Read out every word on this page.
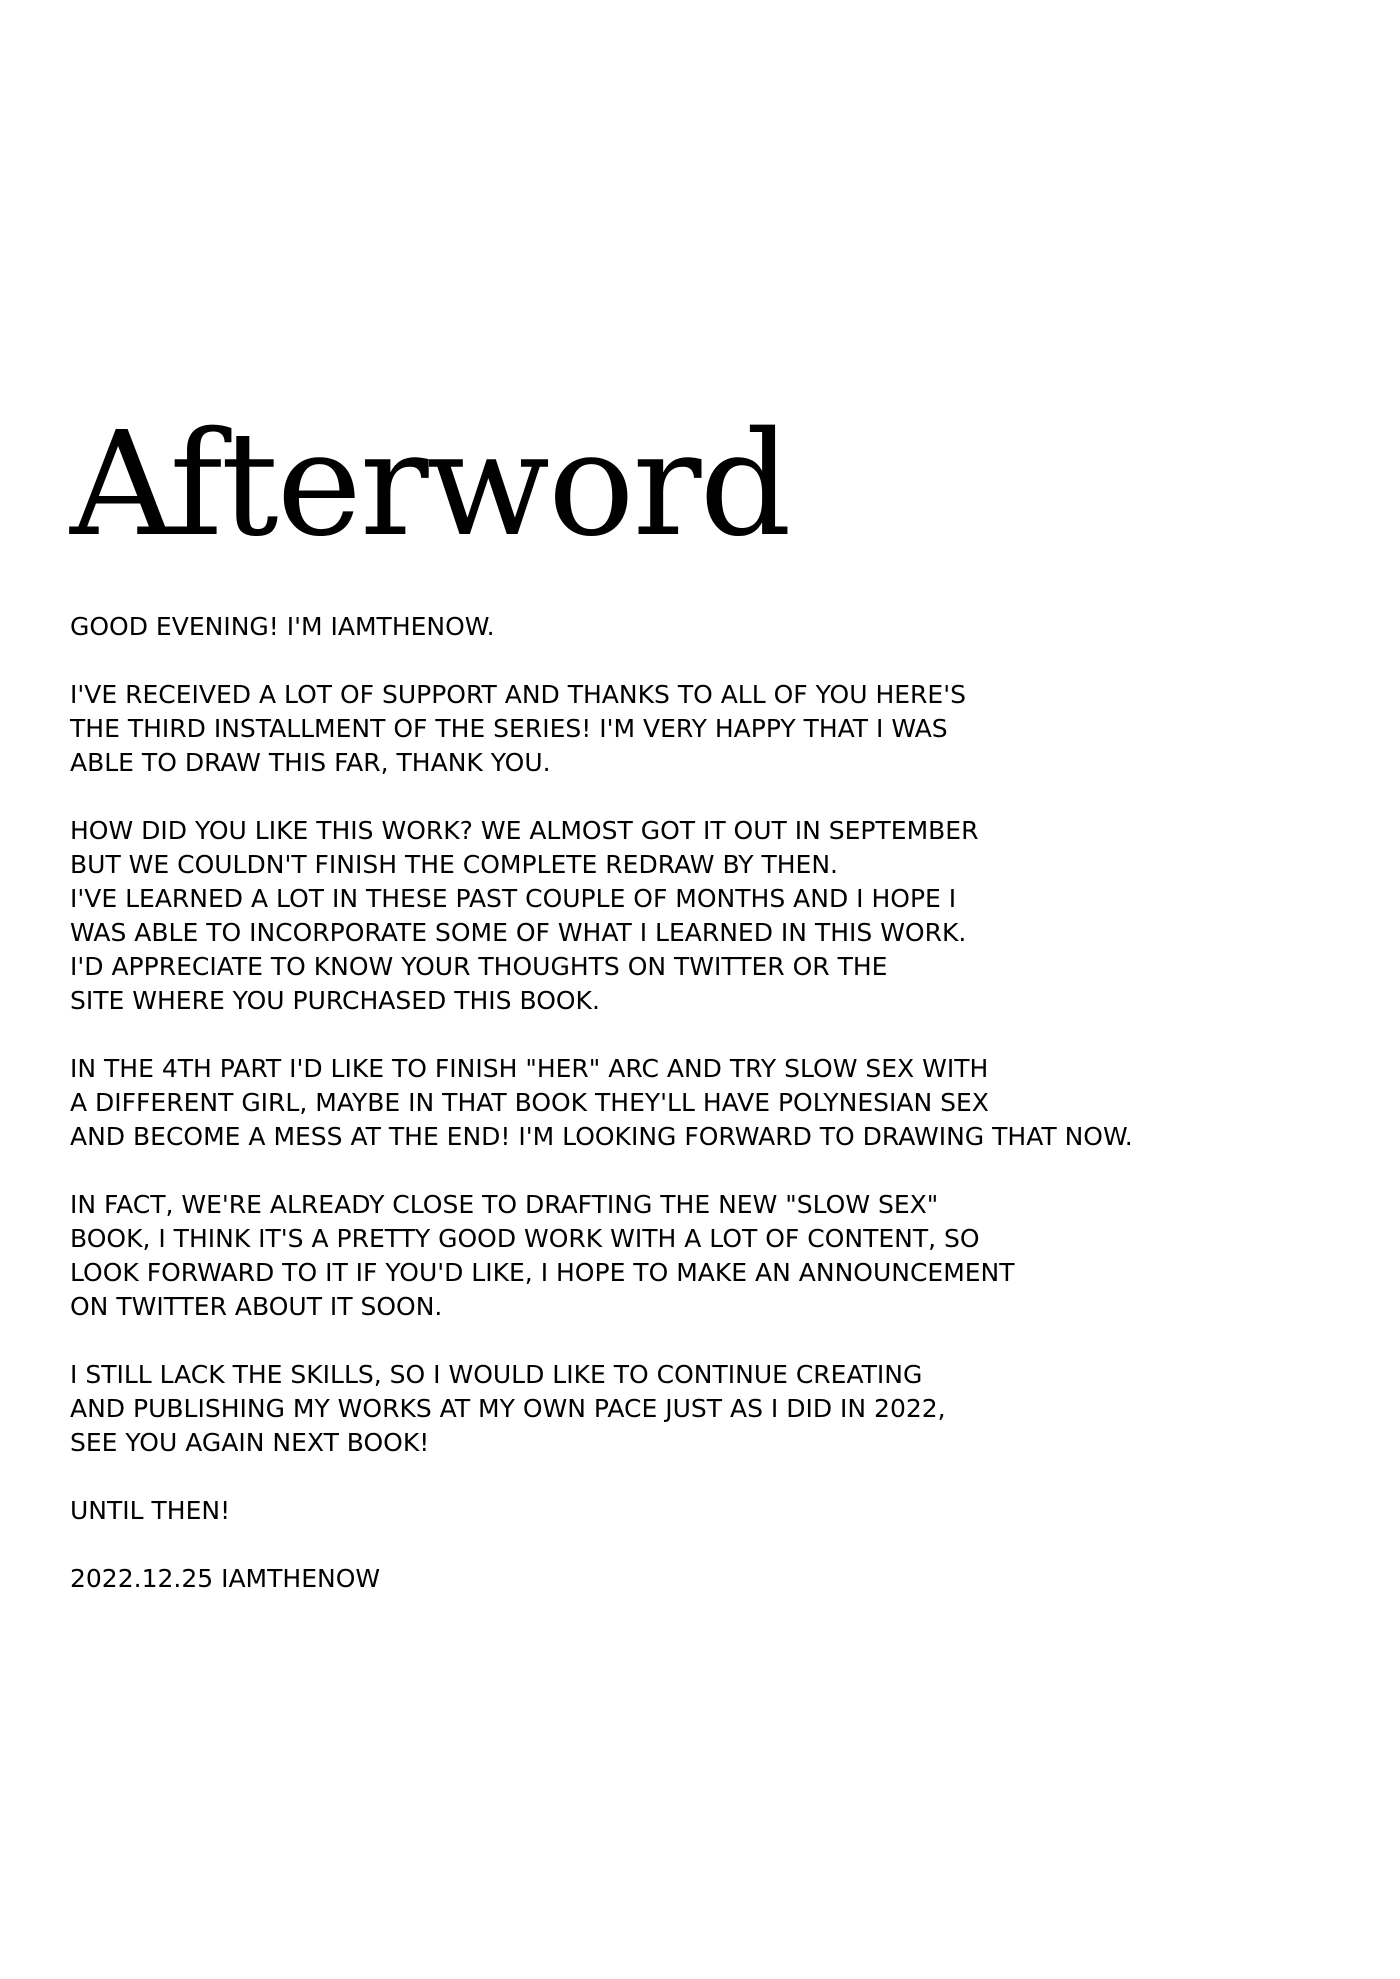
Afterword
GOOD EVENING! I'M IAMTHENOW.
I'VE RECEIVED A LOT OF SUPPORT AND THANKS TO ALL OF YOU HERE'S
THE THIRD INSTALLMENT OF THE SERIES! I'M VERY HAPPY THAT I WAS
ABLE TO DRAW THIS FAR, THANK YOU.
HOW DID YOU LIKE THIS WORK? WE ALMOST GOT IT OUT IN SEPTEMBER
BUT WE COULDN'T FINISH THE COMPLETE REDRAW BY THEN.
I'VE LEARNED A LOT IN THESE PAST COUPLE OF MONTHS AND I HOPE I
WAS ABLE TO INCORPORATE SOME OF WHAT I LEARNED IN THIS WORK.
I'D APPRECIATE TO KNOW YOUR THOUGHTS ON TWITTER OR THE
SITE WHERE YOU PURCHASED THIS BOOK.
IN THE 4TH PART I'D LIKE TO FINISH "HER" ARC AND TRY SLOW SEX WITH
A DIFFERENT GIRL, MAYBE IN THAT BOOK THEY'LL HAVE POLYNESIAN SEX
AND BECOME A MESS AT THE END! I'M LOOKING FORWARD TO DRAWING THAT NOW.
IN FACT, WE'RE ALREADY CLOSE TO DRAFTING THE NEW "SLOW SEX"
BOOK, I THINK IT'S A PRETTY GOOD WORK WITH A LOT OF CONTENT, SO
LOOK FORWARD TO IT IF YOU'D LIKE, I HOPE TO MAKE AN ANNOUNCEMENT
ON TWITTER ABOUT IT SOON.
I STILL LACK THE SKILLS, SO I WOULD LIKE TO CONTINUE CREATING
AND PUBLISHING MY WORKS AT MY OWN PACE JUST AS I DID IN 2022,
SEE YOU AGAIN NEXT BOOK!
UNTIL THEN!
2022.12.25 IAMTHENOW
